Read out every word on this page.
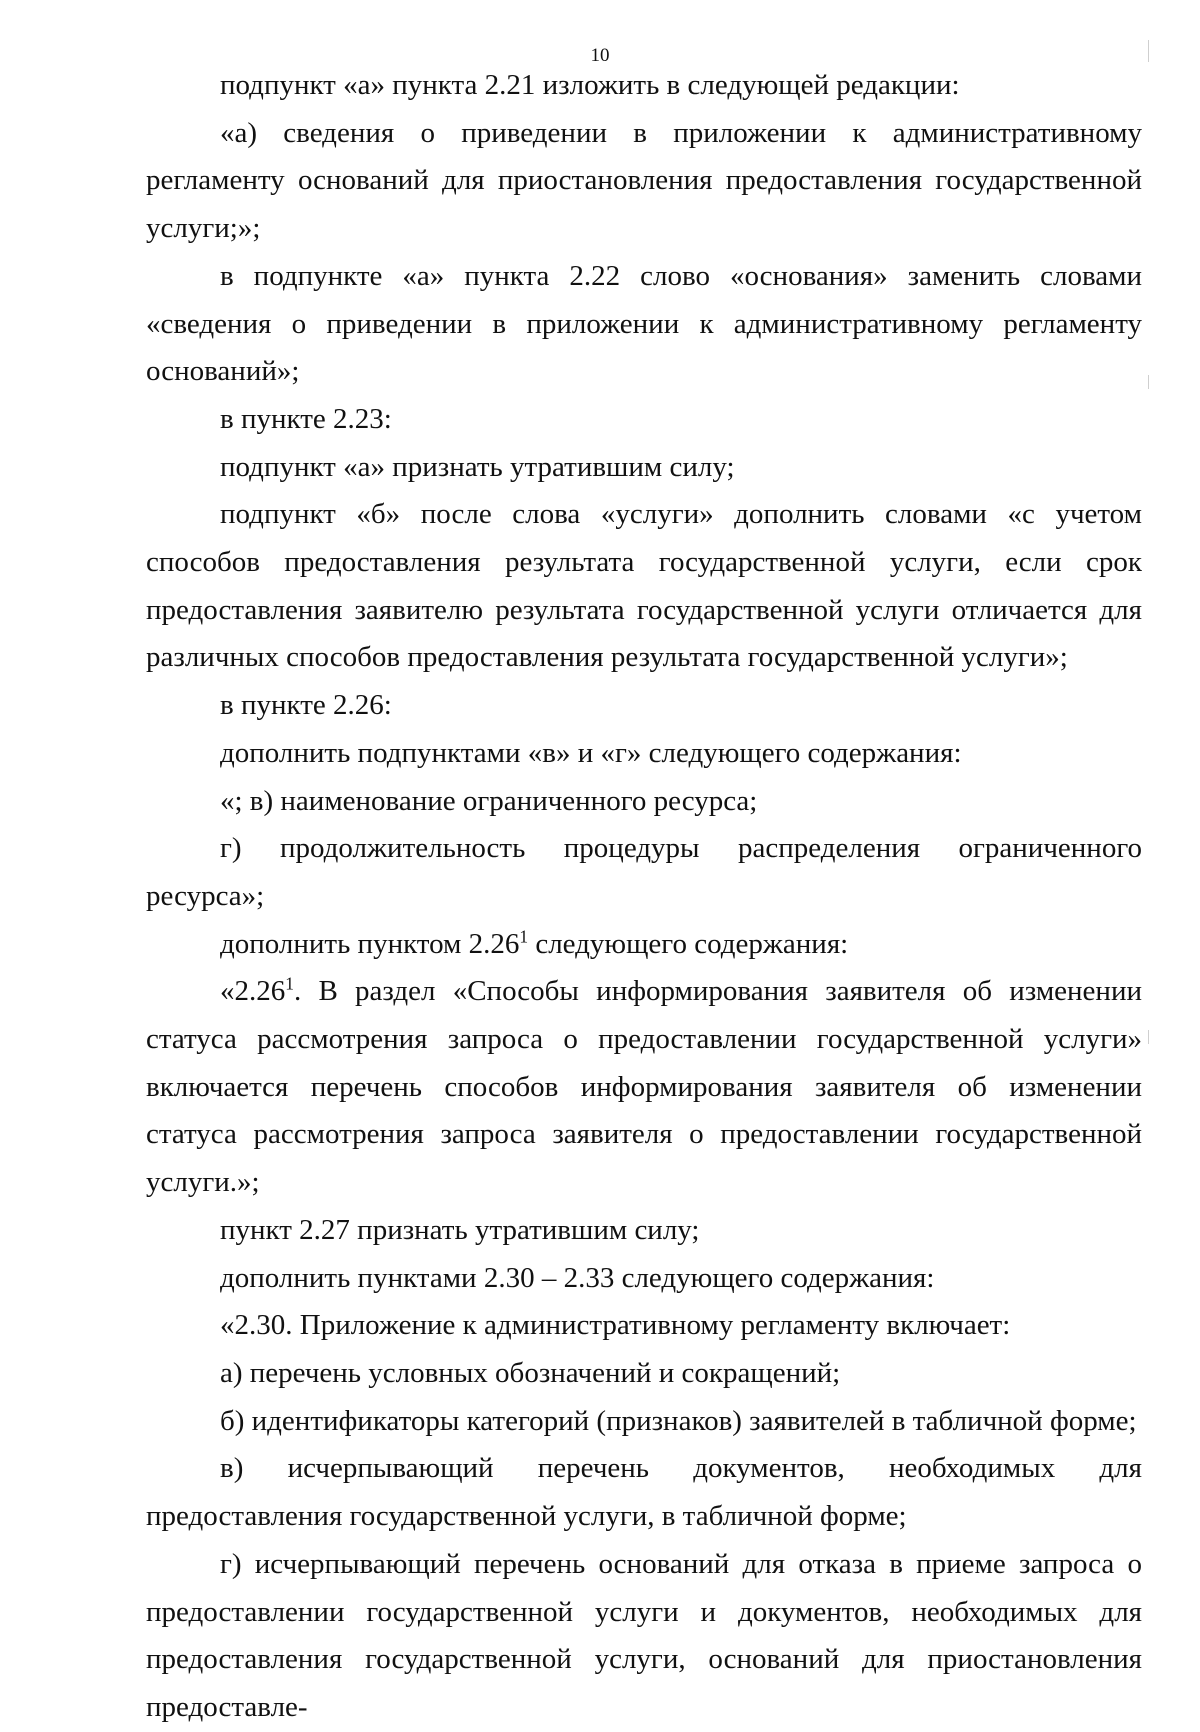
10

подпункт «а» пункта 2.21 изложить в следующей редакции:

«а) сведения о приведении в приложении к административному регламенту оснований для приостановления предоставления государственной услуги;»;

в подпункте «а» пункта 2.22 слово «основания» заменить словами «сведения о приведении в приложении к административному регламенту оснований»;

в пункте 2.23:

подпункт «а» признать утратившим силу;

подпункт «б» после слова «услуги» дополнить словами «с учетом способов предоставления результата государственной услуги, если срок предоставления заявителю результата государственной услуги отличается для различных способов предоставления результата государственной услуги»;

в пункте 2.26:

дополнить подпунктами «в» и «г» следующего содержания:

«; в) наименование ограниченного ресурса;

г) продолжительность процедуры распределения ограниченного ресурса»;

дополнить пунктом 2.26$^1$ следующего содержания:

«2.26$^1$. В раздел «Способы информирования заявителя об изменении статуса рассмотрения запроса о предоставлении государственной услуги» включается перечень способов информирования заявителя об изменении статуса рассмотрения запроса заявителя о предоставлении государственной услуги.»;

пункт 2.27 признать утратившим силу;

дополнить пунктами 2.30 – 2.33 следующего содержания:

«2.30. Приложение к административному регламенту включает:

а) перечень условных обозначений и сокращений;

б) идентификаторы категорий (признаков) заявителей в табличной форме;

в) исчерпывающий перечень документов, необходимых для предоставления государственной услуги, в табличной форме;

г) исчерпывающий перечень оснований для отказа в приеме запроса о предоставлении государственной услуги и документов, необходимых для предоставления государственной услуги, оснований для приостановления предоставле-
